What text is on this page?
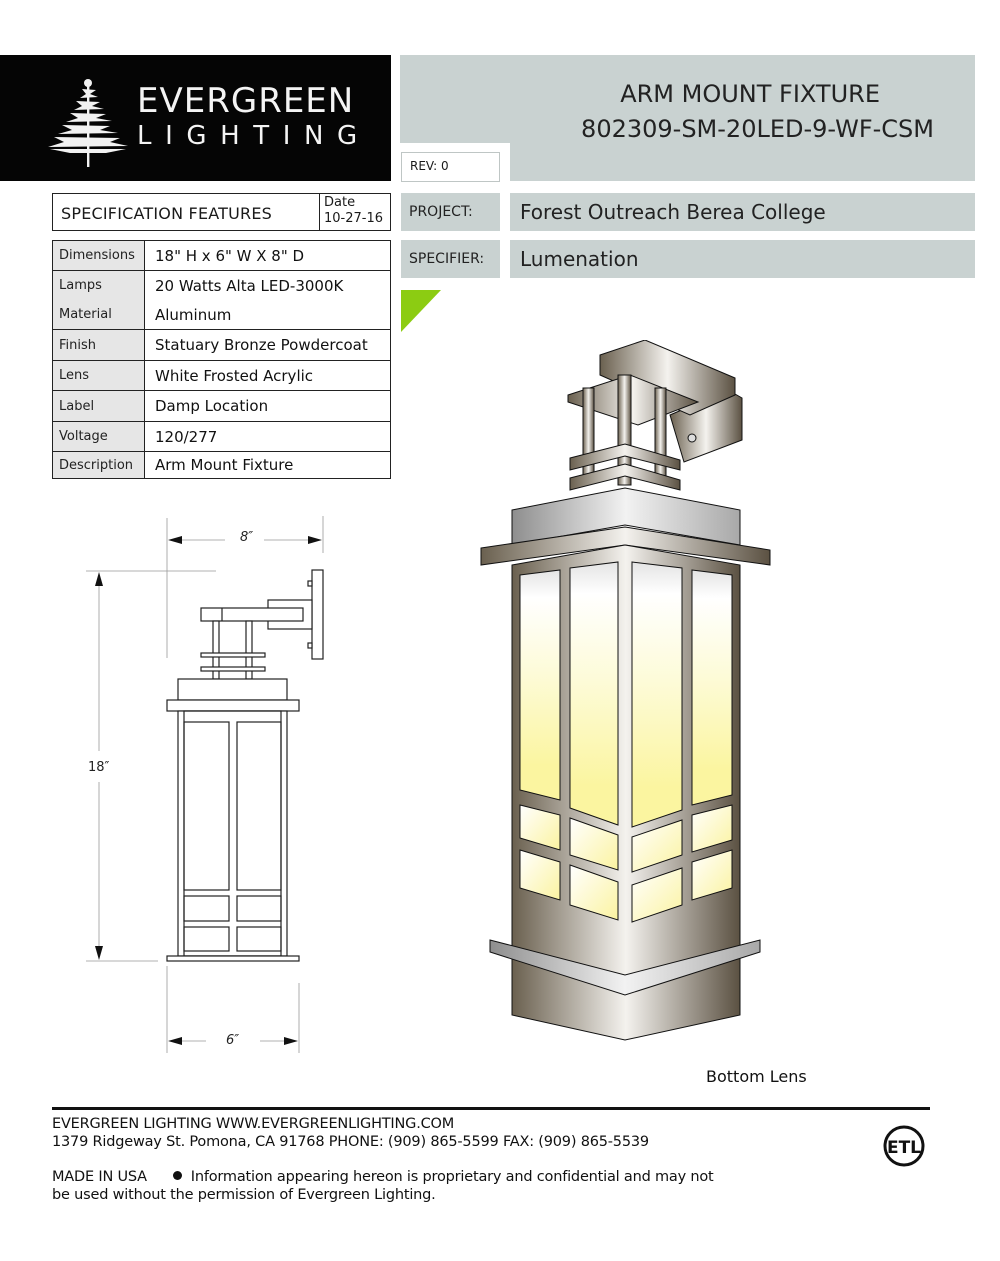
EVERGREEN
LIGHTING
REV: 0
ARM MOUNT FIXTURE
802309-SM-20LED-9-WF-CSM
PROJECT:	Forest Outreach Berea College
SPECIFIER:	Lumenation
SPECIFICATION FEATURES
Date
10-27-16
Dimensions	18" H x 6" W X 8" D
Lamps	20 Watts Alta LED-3000K
Material	Aluminum
Finish	Statuary Bronze Powdercoat
Lens	White Frosted Acrylic
Label	Damp Location
Voltage	120/277
Description	Arm Mount Fixture
8″
18″
6″
Bottom Lens
EVERGREEN LIGHTING WWW.EVERGREENLIGHTING.COM
1379 Ridgeway St. Pomona, CA 91768 PHONE: (909) 865-5599 FAX: (909) 865-5539
MADE IN USA	Information appearing hereon is proprietary and confidential and may not
be used without the permission of Evergreen Lighting.
ETL
